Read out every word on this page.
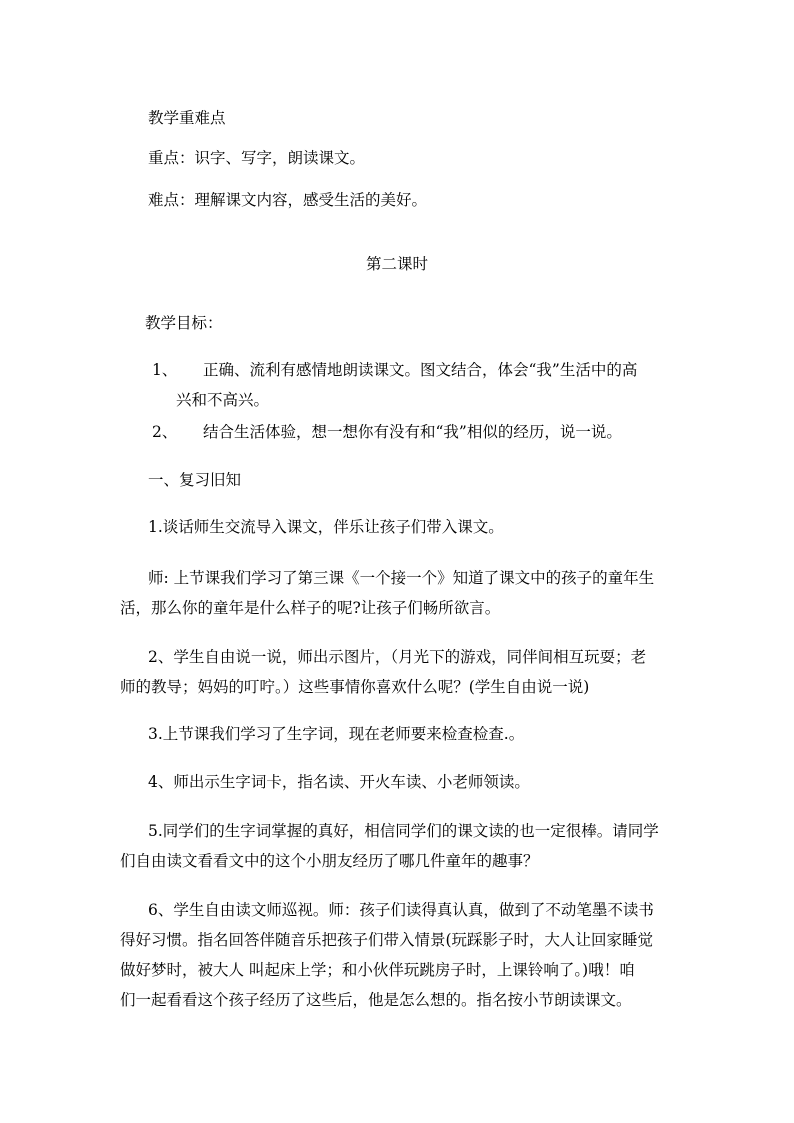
教学重难点
重点：识字、写字，朗读课文。
难点：理解课文内容，感受生活的美好。
第二课时
教学目标：
1、 正确、流利有感情地朗读课文。图文结合，体会“我”生活中的高
兴和不高兴。
2、 结合生活体验，想一想你有没有和“我”相似的经历，说一说。
一、复习旧知
1.谈话师生交流导入课文，伴乐让孩子们带入课文。
师: 上节课我们学习了第三课《一个接一个》知道了课文中的孩子的童年生
活，那么你的童年是什么样子的呢?让孩子们畅所欲言。
2、学生自由说一说，师出示图片，（月光下的游戏，同伴间相互玩耍；老
师的教导；妈妈的叮咛。）这些事情你喜欢什么呢？(学生自由说一说)
3.上节课我们学习了生字词，现在老师要来检查检查.。
4、师出示生字词卡，指名读、开火车读、小老师领读。
5.同学们的生字词掌握的真好，相信同学们的课文读的也一定很棒。请同学
们自由读文看看文中的这个小朋友经历了哪几件童年的趣事？
6、学生自由读文师巡视。师：孩子们读得真认真，做到了不动笔墨不读书
得好习惯。指名回答伴随音乐把孩子们带入情景(玩踩影子时，大人让回家睡觉
做好梦时，被大人 叫起床上学；和小伙伴玩跳房子时，上课铃响了。)哦！咱
们一起看看这个孩子经历了这些后，他是怎么想的。指名按小节朗读课文。
